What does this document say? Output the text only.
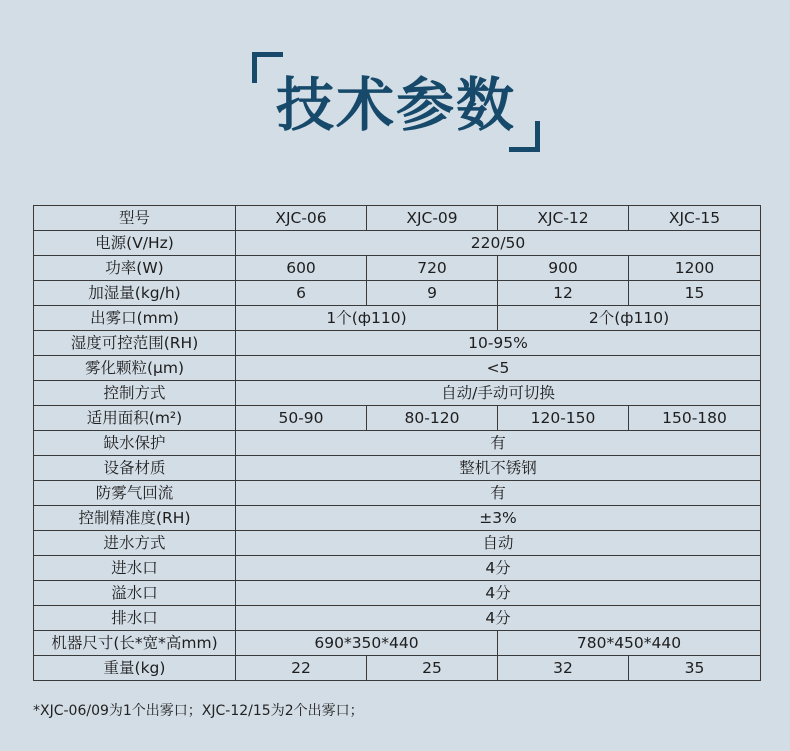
技术参数
型号	XJC-06	XJC-09	XJC-12	XJC-15
电源(V/Hz)	220/50			
功率(W)	600	720	900	1200
加湿量(kg/h)	6	9	12	15
出雾口(mm)	1个(ф110)		2个(ф110)	
湿度可控范围(RH)	10-95%			
雾化颗粒(μm)	<5			
控制方式	自动/手动可切换			
适用面积(m²)	50-90	80-120	120-150	150-180
缺水保护	有			
设备材质	整机不锈钢			
防雾气回流	有			
控制精准度(RH)	±3%			
进水方式	自动			
进水口	4分			
溢水口	4分			
排水口	4分			
机器尺寸(长*宽*高mm)	690*350*440		780*450*440	
重量(kg)	22	25	32	35
*XJC-06/09为1个出雾口；XJC-12/15为2个出雾口；
